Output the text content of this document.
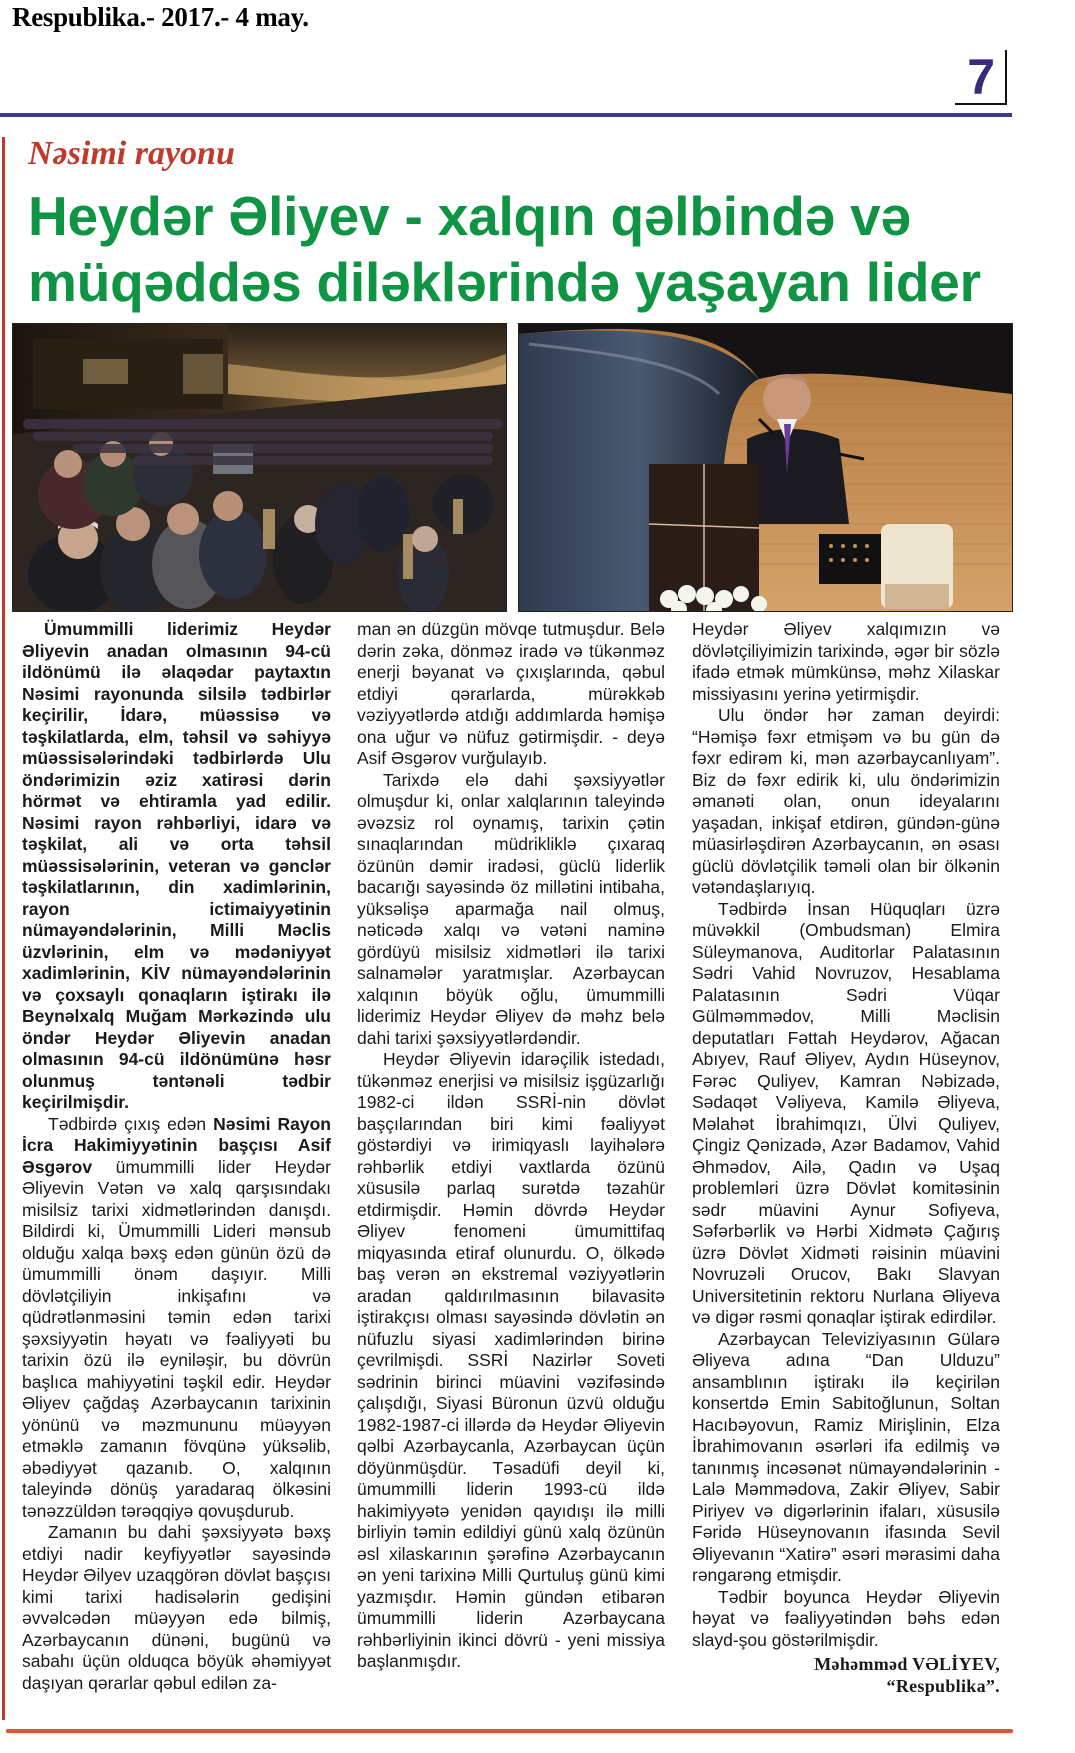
Respublika.- 2017.- 4 may.
7
Nəsimi rayonu
Heydər Əliyev - xalqın qəlbində və
müqəddəs diləklərində yaşayan lider

Ümummilli liderimiz Heydər Əliyevin anadan olmasının 94-cü ildönümü ilə əlaqədar paytaxtın Nəsimi rayonunda silsilə tədbirlər keçirilir, İdarə, müəssisə və təşkilatlarda, elm, təhsil və səhiyyə müəssisələrindəki tədbirlərdə Ulu öndərimizin əziz xatirəsi dərin hörmət və ehtiramla yad edilir. Nəsimi rayon rəhbərliyi, idarə və təşkilat, ali və orta təhsil müəssisələrinin, veteran və gənclər təşkilatlarının, din xadimlərinin, rayon ictimaiyyətinin nümayəndələrinin, Milli Məclis üzvlərinin, elm və mədəniyyət xadimlərinin, KİV nümayəndələrinin və çoxsaylı qonaqların iştirakı ilə Beynəlxalq Muğam Mərkəzində ulu öndər Heydər Əliyevin anadan olmasının 94-cü ildönümünə həsr olunmuş təntənəli tədbir keçirilmişdir.

Tədbirdə çıxış edən Nəsimi Rayon İcra Hakimiyyətinin başçısı Asif Əsgərov ümummilli lider Heydər Əliyevin Vətən və xalq qarşısındakı misilsiz tarixi xidmətlərindən danışdı. Bildirdi ki, Ümummilli Lideri mənsub olduğu xalqa bəxş edən günün özü də ümummilli önəm daşıyır. Milli dövlətçiliyin inkişafını və qüdrətlənməsini təmin edən tarixi şəxsiyyətin həyatı və fəaliyyəti bu tarixin özü ilə eyniləşir, bu dövrün başlıca mahiyyətini təşkil edir. Heydər Əliyev çağdaş Azərbaycanın tarixinin yönünü və məzmununu müəyyən etməklə zamanın fövqünə yüksəlib, əbədiyyət qazanıb. O, xalqının taleyində dönüş yaradaraq ölkəsini tənəzzüldən tərəqqiyə qovuşdurub.

Zamanın bu dahi şəxsiyyətə bəxş etdiyi nadir keyfiyyətlər sayəsində Heydər Əilyev uzaqgörən dövlət başçısı kimi tarixi hadisələrin gedişini əvvəlcədən müəyyən edə bilmiş, Azərbaycanın dünəni, bugünü və sabahı üçün olduqca böyük əhəmiyyət daşıyan qərarlar qəbul edilən za-

man ən düzgün mövqe tutmuşdur. Belə dərin zəka, dönməz iradə və tükənməz enerji bəyanat və çıxışlarında, qəbul etdiyi qərarlarda, mürəkkəb vəziyyətlərdə atdığı addımlarda həmişə ona uğur və nüfuz gətirmişdir. - deyə Asif Əsgərov vurğulayıb.

Tarixdə elə dahi şəxsiyyətlər olmuşdur ki, onlar xalqlarının taleyində əvəzsiz rol oynamış, tarixin çətin sınaqlarından müdrikliklə çıxaraq özünün dəmir iradəsi, güclü liderlik bacarığı sayəsində öz millətini intibaha, yüksəlişə aparmağa nail olmuş, nəticədə xalqı və vətəni naminə gördüyü misilsiz xidmətləri ilə tarixi salnamələr yaratmışlar. Azərbaycan xalqının böyük oğlu, ümummilli liderimiz Heydər Əliyev də məhz belə dahi tarixi şəxsiyyətlərdəndir.

Heydər Əliyevin idarəçilik istedadı, tükənməz enerjisi və misilsiz işgüzarlığı 1982-ci ildən SSRİ-nin dövlət başçılarından biri kimi fəaliyyət göstərdiyi və irimiqyaslı layihələrə rəhbərlik etdiyi vaxtlarda özünü xüsusilə parlaq surətdə təzahür etdirmişdir. Həmin dövrdə Heydər Əliyev fenomeni ümumittifaq miqyasında etiraf olunurdu. O, ölkədə baş verən ən ekstremal vəziyyətlərin aradan qaldırılmasının bilavasitə iştirakçısı olması sayəsində dövlətin ən nüfuzlu siyasi xadimlərindən birinə çevrilmişdi. SSRİ Nazirlər Soveti sədrinin birinci müavini vəzifəsində çalışdığı, Siyasi Büronun üzvü olduğu 1982-1987-ci illərdə də Heydər Əliyevin qəlbi Azərbaycanla, Azərbaycan üçün döyünmüşdür. Təsadüfi deyil ki, ümummilli liderin 1993-cü ildə hakimiyyətə yenidən qayıdışı ilə milli birliyin təmin edildiyi günü xalq özünün əsl xilaskarının şərəfinə Azərbaycanın ən yeni tarixinə Milli Qurtuluş günü kimi yazmışdır. Həmin gündən etibarən ümummilli liderin Azərbaycana rəhbərliyinin ikinci dövrü - yeni missiya başlanmışdır.

Heydər Əliyev xalqımızın və dövlətçiliyimizin tarixində, əgər bir sözlə ifadə etmək mümkünsə, məhz Xilaskar missiyasını yerinə yetirmişdir.

Ulu öndər hər zaman deyirdi: “Həmişə fəxr etmişəm və bu gün də fəxr edirəm ki, mən azərbaycanlıyam”. Biz də fəxr edirik ki, ulu öndərimizin əmanəti olan, onun ideyalarını yaşadan, inkişaf etdirən, gündən-günə müasirləşdirən Azərbaycanın, ən əsası güclü dövlətçilik təməli olan bir ölkənin vətəndaşlarıyıq.

Tədbirdə İnsan Hüquqları üzrə müvəkkil (Ombudsman) Elmira Süleymanova, Auditorlar Palatasının Sədri Vahid Novruzov, Hesablama Palatasının Sədri Vüqar Gülməmmədov, Milli Məclisin deputatları Fəttah Heydərov, Ağacan Abıyev, Rauf Əliyev, Aydın Hüseynov, Fərəc Quliyev, Kamran Nəbizadə, Sədaqət Vəliyeva, Kamilə Əliyeva, Məlahət İbrahimqızı, Ülvi Quliyev, Çingiz Qənizadə, Azər Badamov, Vahid Əhmədov, Ailə, Qadın və Uşaq problemləri üzrə Dövlət komitəsinin sədr müavini Aynur Sofiyeva, Səfərbərlik və Hərbi Xidmətə Çağırış üzrə Dövlət Xidməti rəisinin müavini Novruzəli Orucov, Bakı Slavyan Universitetinin rektoru Nurlana Əliyeva və digər rəsmi qonaqlar iştirak edirdilər.

Azərbaycan Televiziyasının Gülarə Əliyeva adına “Dan Ulduzu” ansamblının iştirakı ilə keçirilən konsertdə Emin Sabitoğlunun, Soltan Hacıbəyovun, Ramiz Mirişlinin, Elza İbrahimovanın əsərləri ifa edilmiş və tanınmış incəsənət nümayəndələrinin - Lalə Məmmədova, Zakir Əliyev, Sabir Piriyev və digərlərinin ifaları, xüsusilə Fəridə Hüseynovanın ifasında Sevil Əliyevanın “Xatirə” əsəri mərasimi daha rəngarəng etmişdir.

Tədbir boyunca Heydər Əliyevin həyat və fəaliyyətindən bəhs edən slayd-şou göstərilmişdir.

Məhəmməd VƏLİYEV,
“Respublika”.
